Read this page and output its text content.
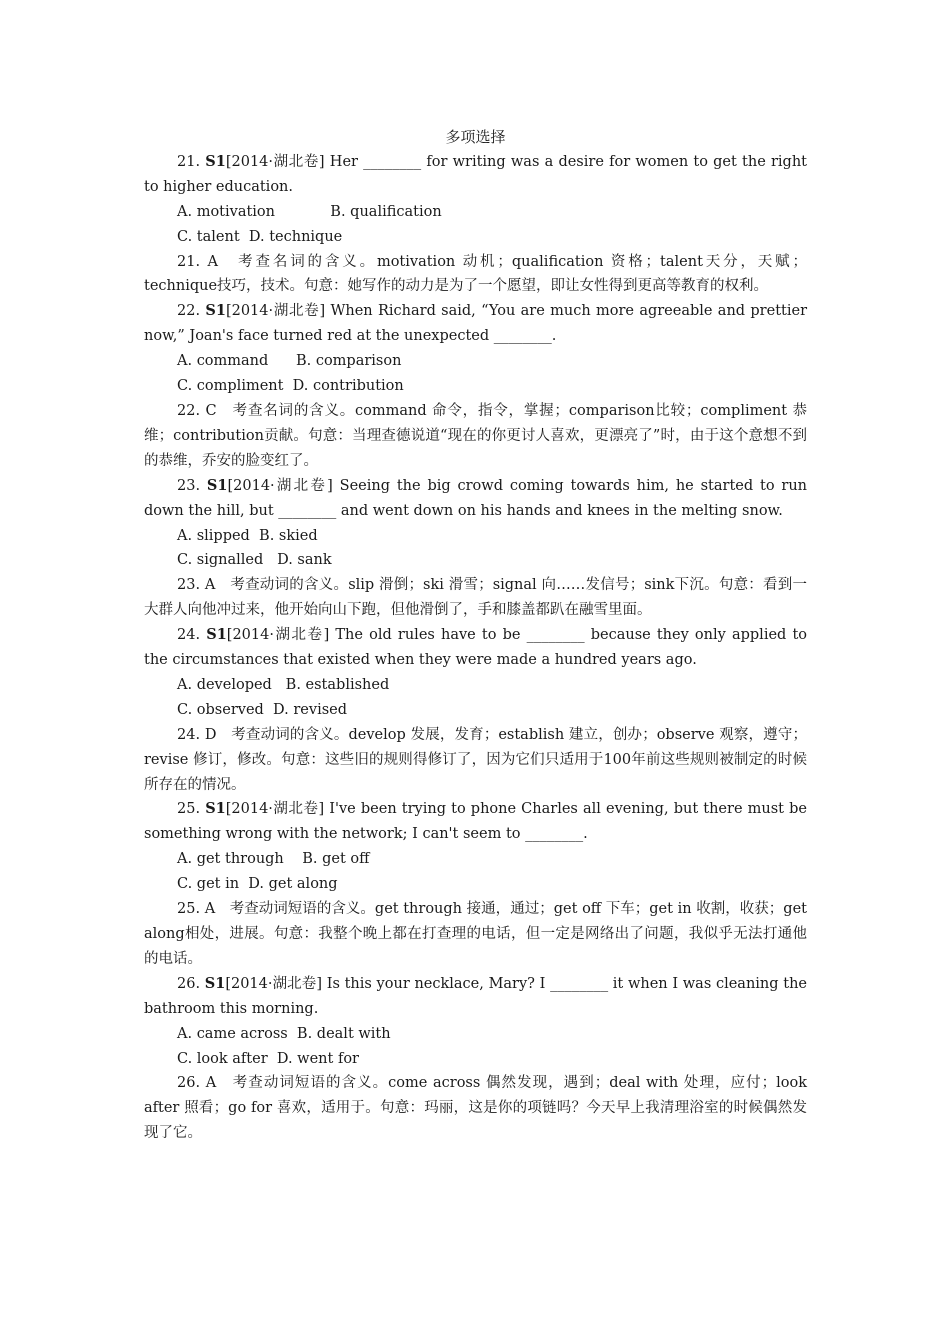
多项选择

21. S1[2014·湖北卷] Her ________ for writing was a desire for women to get the right to higher education.

A. motivation            B. qualification

C. talent  D. technique

21. A　考查名词的含义。motivation 动机；qualification 资格；talent天分，天赋；technique技巧，技术。句意：她写作的动力是为了一个愿望，即让女性得到更高等教育的权利。

22. S1[2014·湖北卷] When Richard said, “You are much more agreeable and prettier now,” Joan's face turned red at the unexpected ________.

A. command      B. comparison

C. compliment  D. contribution

22. C　考查名词的含义。command 命令，指令，掌握；comparison比较；compliment 恭维；contribution贡献。句意：当理查德说道“现在的你更讨人喜欢，更漂亮了”时，由于这个意想不到的恭维，乔安的脸变红了。

23. S1[2014·湖北卷] Seeing the big crowd coming towards him, he started to run down the hill, but ________ and went down on his hands and knees in the melting snow.

A. slipped  B. skied

C. signalled   D. sank

23. A　考查动词的含义。slip 滑倒；ski 滑雪；signal 向……发信号；sink下沉。句意：看到一大群人向他冲过来，他开始向山下跑，但他滑倒了，手和膝盖都趴在融雪里面。

24. S1[2014·湖北卷] The old rules have to be ________ because they only applied to the circumstances that existed when they were made a hundred years ago.

A. developed   B. established

C. observed  D. revised

24. D　考查动词的含义。develop 发展，发育；establish 建立，创办；observe 观察，遵守；revise 修订，修改。句意：这些旧的规则得修订了，因为它们只适用于100年前这些规则被制定的时候所存在的情况。

25. S1[2014·湖北卷] I've been trying to phone Charles all evening, but there must be something wrong with the network; I can't seem to ________.

A. get through    B. get off

C. get in  D. get along

25. A　考查动词短语的含义。get through 接通，通过；get off 下车；get in 收割，收获；get along相处，进展。句意：我整个晚上都在打查理的电话，但一定是网络出了问题，我似乎无法打通他的电话。

26. S1[2014·湖北卷] Is this your necklace, Mary? I ________ it when I was cleaning the bathroom this morning.

A. came across  B. dealt with

C. look after  D. went for

26. A　考查动词短语的含义。come across 偶然发现，遇到；deal with 处理，应付；look after 照看；go for 喜欢，适用于。句意：玛丽，这是你的项链吗？今天早上我清理浴室的时候偶然发现了它。
